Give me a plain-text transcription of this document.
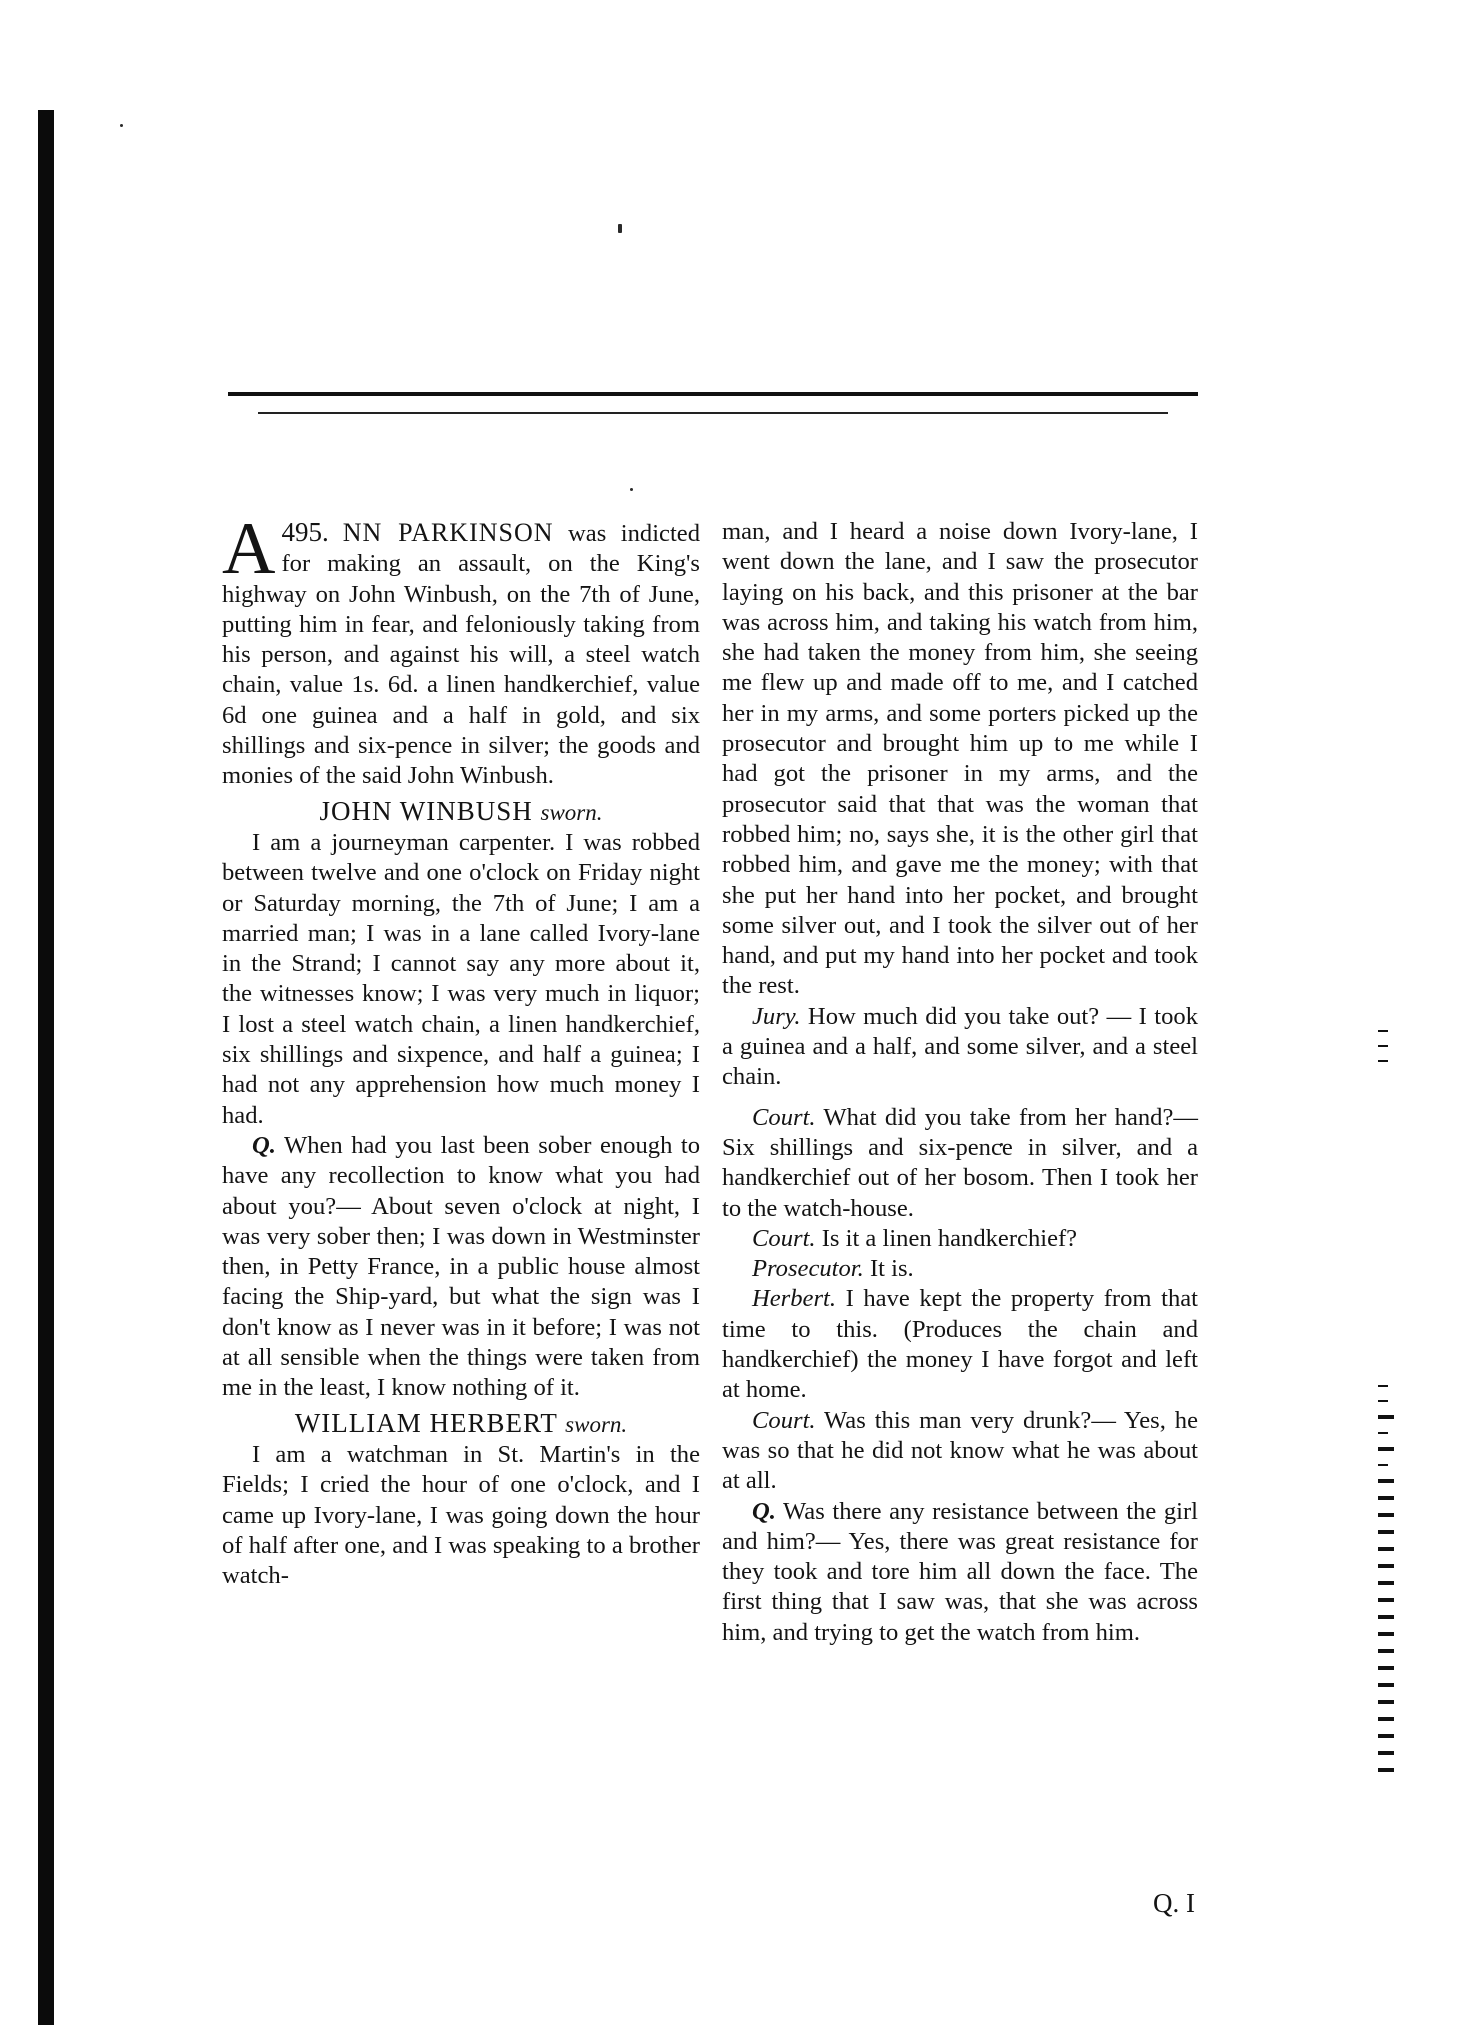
495.
A	NN PARKINSON was indicted for making an assault, on the King's highway on John Winbush, on the 7th of June, putting him in fear, and feloniously taking from his person, and against his will, a steel watch chain, value 1s. 6d. a linen handkerchief, value 6d one guinea and a half in gold, and six shillings and six-pence in silver; the goods and monies of the said John Winbush.

JOHN WINBUSH sworn.

I am a journeyman carpenter. I was robbed between twelve and one o'clock on Friday night or Saturday morning, the 7th of June; I am a married man; I was in a lane called Ivory-lane in the Strand; I cannot say any more about it, the witnesses know; I was very much in liquor; I lost a steel watch chain, a linen handkerchief, six shillings and sixpence, and half a guinea; I had not any apprehension how much money I had.

Q. When had you last been sober enough to have any recollection to know what you had about you?— About seven o'clock at night, I was very sober then; I was down in Westminster then, in Petty France, in a public house almost facing the Ship-yard, but what the sign was I don't know as I never was in it before; I was not at all sensible when the things were taken from me in the least, I know nothing of it.

WILLIAM HERBERT sworn.

I am a watchman in St. Martin's in the Fields; I cried the hour of one o'clock, and I came up Ivory-lane, I was going down the hour of half after one, and I was speaking to a brother watch-

man, and I heard a noise down Ivory-lane, I went down the lane, and I saw the prosecutor laying on his back, and this prisoner at the bar was across him, and taking his watch from him, she had taken the money from him, she seeing me flew up and made off to me, and I catched her in my arms, and some porters picked up the prosecutor and brought him up to me while I had got the prisoner in my arms, and the prosecutor said that that was the woman that robbed him; no, says she, it is the other girl that robbed him, and gave me the money; with that she put her hand into her pocket, and brought some silver out, and I took the silver out of her hand, and put my hand into her pocket and took the rest.

Jury. How much did you take out? — I took a guinea and a half, and some silver, and a steel chain.

Court. What did you take from her hand?— Six shillings and six-pence in silver, and a handkerchief out of her bosom. Then I took her to the watch-house.

Court. Is it a linen handkerchief?

Prosecutor. It is.

Herbert. I have kept the property from that time to this. (Produces the chain and handkerchief) the money I have forgot and left at home.

Court. Was this man very drunk?— Yes, he was so that he did not know what he was about at all.

Q. Was there any resistance between the girl and him?— Yes, there was great resistance for they took and tore him all down the face. The first thing that I saw was, that she was across him, and trying to get the watch from him.

Q. I
